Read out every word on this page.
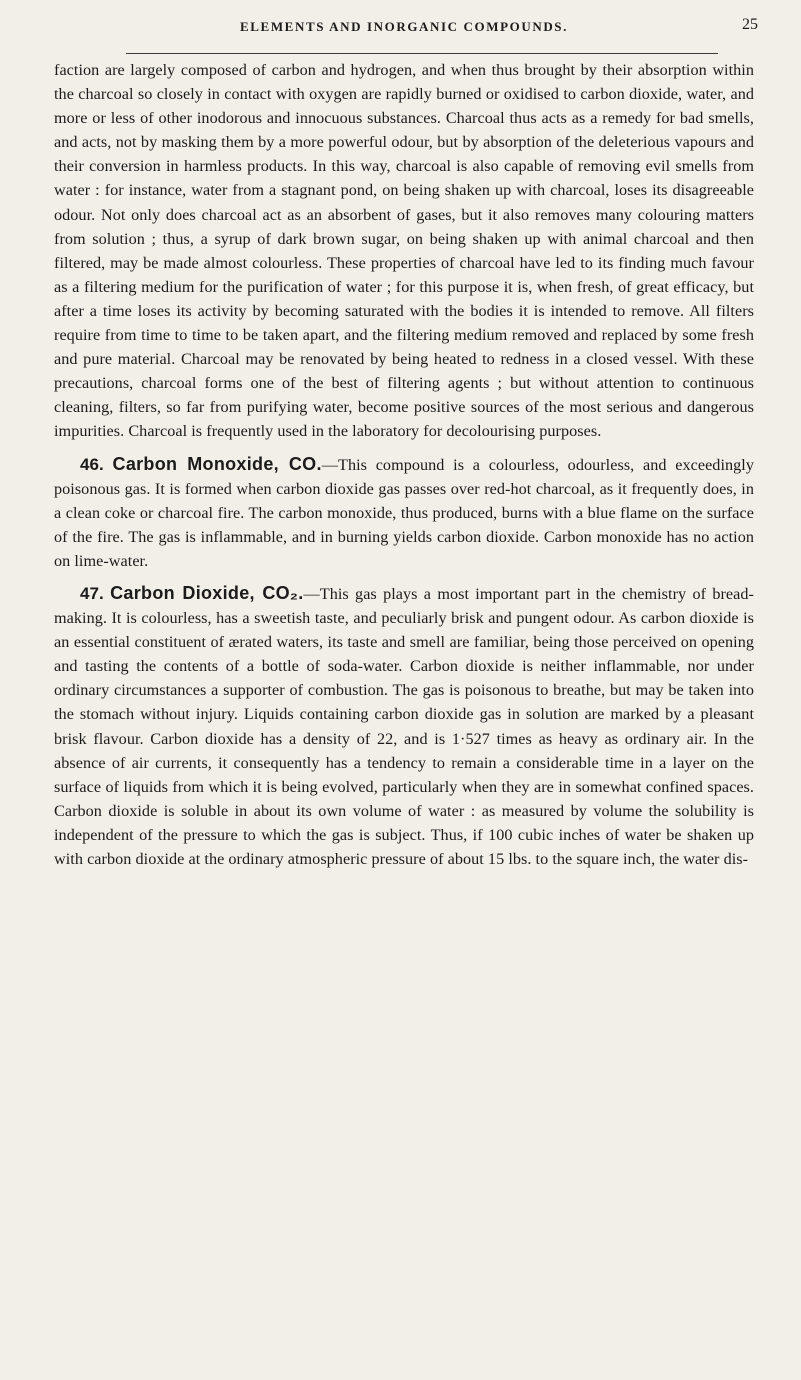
ELEMENTS AND INORGANIC COMPOUNDS.	25

faction are largely composed of carbon and hydrogen, and when thus brought by their absorption within the charcoal so closely in contact with oxygen are rapidly burned or oxidised to carbon dioxide, water, and more or less of other inodorous and innocuous substances. Charcoal thus acts as a remedy for bad smells, and acts, not by masking them by a more powerful odour, but by absorption of the deleterious vapours and their conversion in harmless products. In this way, charcoal is also capable of removing evil smells from water : for instance, water from a stagnant pond, on being shaken up with charcoal, loses its disagreeable odour. Not only does charcoal act as an absorbent of gases, but it also removes many colouring matters from solution ; thus, a syrup of dark brown sugar, on being shaken up with animal charcoal and then filtered, may be made almost colourless. These properties of charcoal have led to its finding much favour as a filtering medium for the purification of water ; for this purpose it is, when fresh, of great efficacy, but after a time loses its activity by becoming saturated with the bodies it is intended to remove. All filters require from time to time to be taken apart, and the filtering medium removed and replaced by some fresh and pure material. Charcoal may be renovated by being heated to redness in a closed vessel. With these precautions, charcoal forms one of the best of filtering agents ; but without attention to continuous cleaning, filters, so far from purifying water, become positive sources of the most serious and dangerous impurities. Charcoal is frequently used in the laboratory for decolourising purposes.

46. Carbon Monoxide, CO.—This compound is a colourless, odourless, and exceedingly poisonous gas. It is formed when carbon dioxide gas passes over red-hot charcoal, as it frequently does, in a clean coke or charcoal fire. The carbon monoxide, thus produced, burns with a blue flame on the surface of the fire. The gas is inflammable, and in burning yields carbon dioxide. Carbon monoxide has no action on lime-water.

47. Carbon Dioxide, CO₂.—This gas plays a most important part in the chemistry of bread-making. It is colourless, has a sweetish taste, and peculiarly brisk and pungent odour. As carbon dioxide is an essential constituent of ærated waters, its taste and smell are familiar, being those perceived on opening and tasting the contents of a bottle of soda-water. Carbon dioxide is neither inflammable, nor under ordinary circumstances a supporter of combustion. The gas is poisonous to breathe, but may be taken into the stomach without injury. Liquids containing carbon dioxide gas in solution are marked by a pleasant brisk flavour. Carbon dioxide has a density of 22, and is 1·527 times as heavy as ordinary air. In the absence of air currents, it consequently has a tendency to remain a considerable time in a layer on the surface of liquids from which it is being evolved, particularly when they are in somewhat confined spaces. Carbon dioxide is soluble in about its own volume of water : as measured by volume the solubility is independent of the pressure to which the gas is subject. Thus, if 100 cubic inches of water be shaken up with carbon dioxide at the ordinary atmospheric pressure of about 15 lbs. to the square inch, the water dis-
